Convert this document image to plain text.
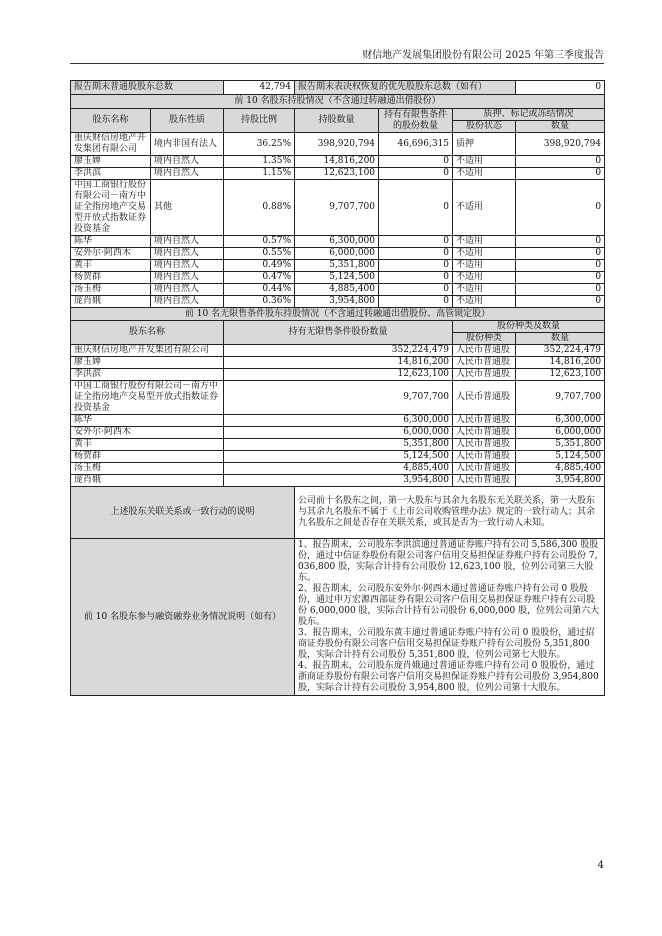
财信地产发展集团股份有限公司 2025 年第三季度报告
报告期末普通股股东总数		42,794	报告期末表决权恢复的优先股股东总数（如有）			0
前 10 名股东持股情况（不含通过转融通出借股份）						
股东名称	股东性质	持股比例	持股数量	持有有限售条件的股份数量	质押、标记或冻结情况	
					股份状态	数量
重庆财信房地产开发集团有限公司	境内非国有法人	36.25%	398,920,794	46,696,315	质押	398,920,794
廖玉婵	境内自然人	1.35%	14,816,200	0	不适用	0
李洪滨	境内自然人	1.15%	12,623,100	0	不适用	0
中国工商银行股份有限公司－南方中证全指房地产交易型开放式指数证券投资基金	其他	0.88%	9,707,700	0	不适用	0
陈华	境内自然人	0.57%	6,300,000	0	不适用	0
安外尔·阿西木	境内自然人	0.55%	6,000,000	0	不适用	0
黄丰	境内自然人	0.49%	5,351,800	0	不适用	0
杨贺群	境内自然人	0.47%	5,124,500	0	不适用	0
汤玉梅	境内自然人	0.44%	4,885,400	0	不适用	0
庞肖娥	境内自然人	0.36%	3,954,800	0	不适用	0
前 10 名无限售条件股东持股情况（不含通过转融通出借股份、高管锁定股）						
股东名称		持有无限售条件股份数量			股份种类及数量	
					股份种类	数量
重庆财信房地产开发集团有限公司		352,224,479			人民币普通股	352,224,479
廖玉婵		14,816,200			人民币普通股	14,816,200
李洪滨		12,623,100			人民币普通股	12,623,100
中国工商银行股份有限公司－南方中证全指房地产交易型开放式指数证券投资基金		9,707,700			人民币普通股	9,707,700
陈华		6,300,000			人民币普通股	6,300,000
安外尔·阿西木		6,000,000			人民币普通股	6,000,000
黄丰		5,351,800			人民币普通股	5,351,800
杨贺群		5,124,500			人民币普通股	5,124,500
汤玉梅		4,885,400			人民币普通股	4,885,400
庞肖娥		3,954,800			人民币普通股	3,954,800
上述股东关联关系或一致行动的说明			公司前十名股东之间，第一大股东与其余九名股东无关联关系，第一大股东与其余九名股东不属于《上市公司收购管理办法》规定的一致行动人；其余九名股东之间是否存在关联关系，或其是否为一致行动人未知。			
前 10 名股东参与融资融券业务情况说明（如有）			1、报告期末，公司股东李洪滨通过普通证券账户持有公司 5,586,300 股股份，通过中信证券股份有限公司客户信用交易担保证券账户持有公司股份 7,036,800 股，实际合计持有公司股份 12,623,100 股，位列公司第三大股东。
2、报告期末，公司股东安外尔·阿西木通过普通证券账户持有公司 0 股股份，通过申万宏源西部证券有限公司客户信用交易担保证券账户持有公司股份 6,000,000 股，实际合计持有公司股份 6,000,000 股，位列公司第六大股东。
3、报告期末，公司股东黄丰通过普通证券账户持有公司 0 股股份，通过招商证券股份有限公司客户信用交易担保证券账户持有公司股份 5,351,800 股，实际合计持有公司股份 5,351,800 股，位列公司第七大股东。
4、报告期末，公司股东庞肖娥通过普通证券账户持有公司 0 股股份，通过浙商证券股份有限公司客户信用交易担保证券账户持有公司股份 3,954,800 股，实际合计持有公司股份 3,954,800 股，位列公司第十大股东。			
4
